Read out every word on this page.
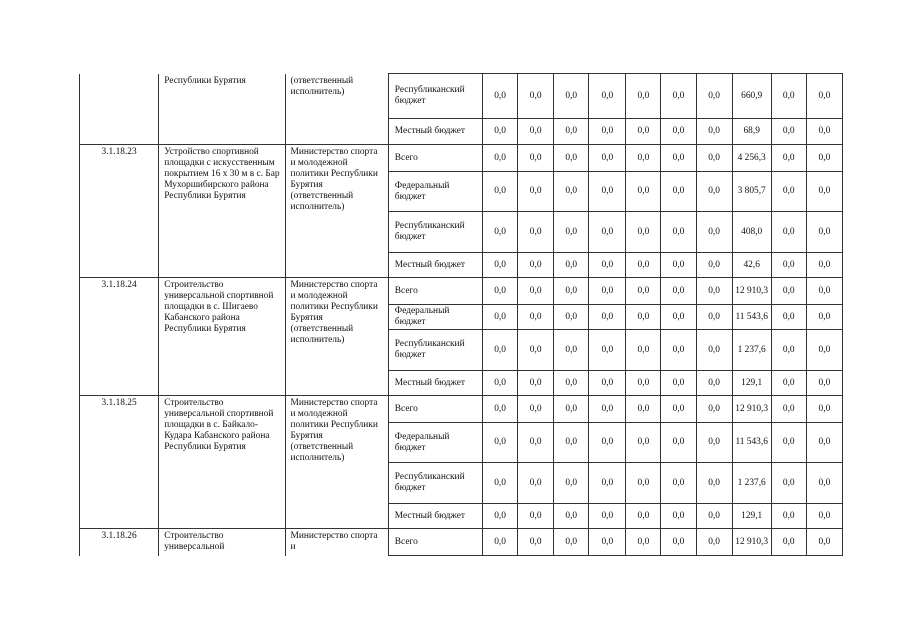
	Республики Бурятия	(ответственный исполнитель)	Республиканский бюджет	0,0	0,0	0,0	0,0	0,0	0,0	0,0	660,9	0,0	0,0
			Местный бюджет	0,0	0,0	0,0	0,0	0,0	0,0	0,0	68,9	0,0	0,0
3.1.18.23	Устройство спортивной площадки с искусственным покрытием 16 х 30 м в с. Бар Мухоршибирского района Республики Бурятия	Министерство спорта и молодежной политики Республики Бурятия (ответственный исполнитель)	Всего	0,0	0,0	0,0	0,0	0,0	0,0	0,0	4 256,3	0,0	0,0
			Федеральный бюджет	0,0	0,0	0,0	0,0	0,0	0,0	0,0	3 805,7	0,0	0,0
			Республиканский бюджет	0,0	0,0	0,0	0,0	0,0	0,0	0,0	408,0	0,0	0,0
			Местный бюджет	0,0	0,0	0,0	0,0	0,0	0,0	0,0	42,6	0,0	0,0
3.1.18.24	Строительство универсальной спортивной площадки в с. Шигаево Кабанского района Республики Бурятия	Министерство спорта и молодежной политики Республики Бурятия (ответственный исполнитель)	Всего	0,0	0,0	0,0	0,0	0,0	0,0	0,0	12 910,3	0,0	0,0
			Федеральный бюджет	0,0	0,0	0,0	0,0	0,0	0,0	0,0	11 543,6	0,0	0,0
			Республиканский бюджет	0,0	0,0	0,0	0,0	0,0	0,0	0,0	1 237,6	0,0	0,0
			Местный бюджет	0,0	0,0	0,0	0,0	0,0	0,0	0,0	129,1	0,0	0,0
3.1.18.25	Строительство универсальной спортивной площадки в с. Байкало-Кудара Кабанского района Республики Бурятия	Министерство спорта и молодежной политики Республики Бурятия (ответственный исполнитель)	Всего	0,0	0,0	0,0	0,0	0,0	0,0	0,0	12 910,3	0,0	0,0
			Федеральный бюджет	0,0	0,0	0,0	0,0	0,0	0,0	0,0	11 543,6	0,0	0,0
			Республиканский бюджет	0,0	0,0	0,0	0,0	0,0	0,0	0,0	1 237,6	0,0	0,0
			Местный бюджет	0,0	0,0	0,0	0,0	0,0	0,0	0,0	129,1	0,0	0,0
3.1.18.26	Строительство универсальной	Министерство спорта и	Всего	0,0	0,0	0,0	0,0	0,0	0,0	0,0	12 910,3	0,0	0,0
